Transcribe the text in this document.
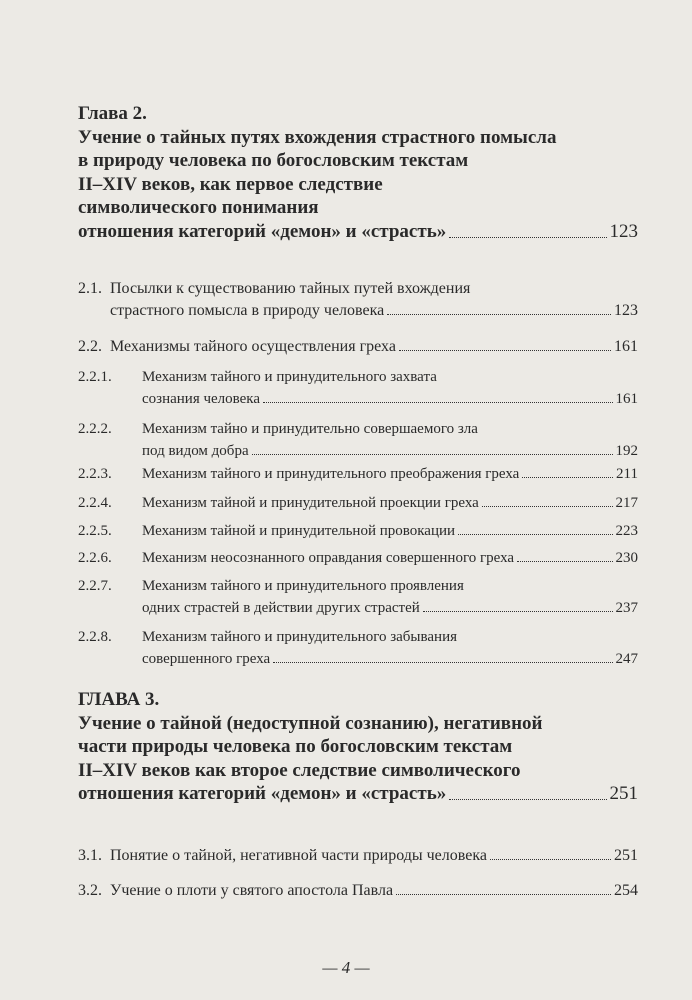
Глава 2.
Учение о тайных путях вхождения страстного помысла
в природу человека по богословским текстам
II–XIV веков, как первое следствие
символического понимания
отношения категорий «демон» и «страсть»	123
2.1. Посылки к существованию тайных путей вхождения
страстного помысла в природу человека	123
2.2. Механизмы тайного осуществления греха	161
2.2.1.	Механизм тайного и принудительного захвата
сознания человека	161
2.2.2.	Механизм тайно и принудительно совершаемого зла
под видом добра	192
2.2.3.	Механизм тайного и принудительного преображения греха	211
2.2.4.	Механизм тайной и принудительной проекции греха	217
2.2.5.	Механизм тайной и принудительной провокации	223
2.2.6.	Механизм неосознанного оправдания совершенного греха	230
2.2.7.	Механизм тайного и принудительного проявления
одних страстей в действии других страстей	237
2.2.8.	Механизм тайного и принудительного забывания
совершенного греха	247
ГЛАВА 3.
Учение о тайной (недоступной сознанию), негативной
части природы человека по богословским текстам
II–XIV веков как второе следствие символического
отношения категорий «демон» и «страсть»	251
3.1. Понятие о тайной, негативной части природы человека	251
3.2. Учение о плоти у святого апостола Павла	254
— 4 —
